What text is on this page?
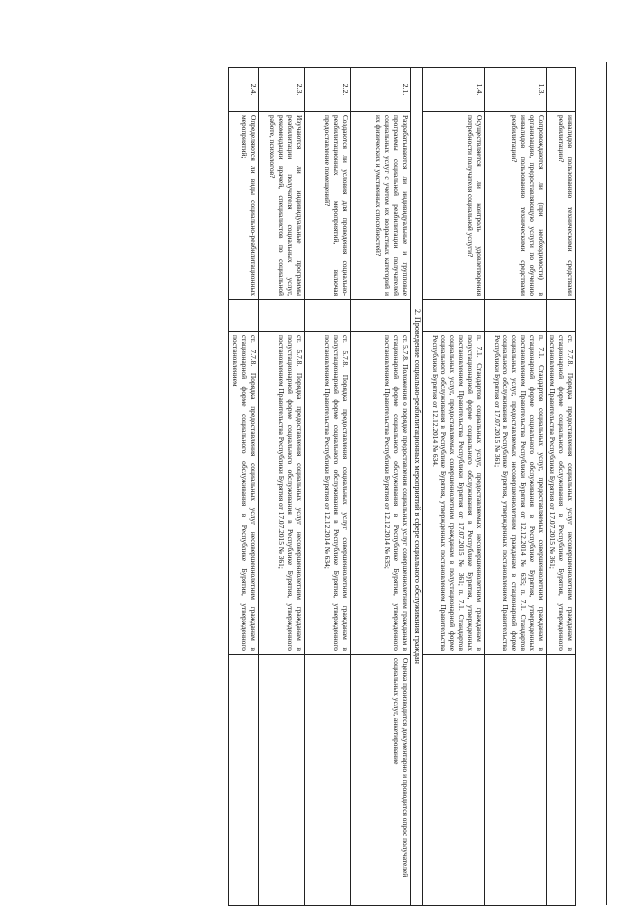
	инвалидов пользованию техническими средствами реабилитации?		ст. 7.7.8. Порядка предоставления социальных услуг несовершеннолетним гражданам в стационарной форме социального обслуживания в Республике Бурятия, утвержденного постановлением Правительства Республики Бурятия от 17.07.2015 № 361;	
1.3.	Сопровождаются ли (при необходимости) в организацию, предоставляющую услуги по обучению инвалидов пользованию техническими средствами реабилитации?		п. 7.1. Стандартов социальных услуг, предоставляемых совершеннолетним гражданам в стационарной форме социального обслуживания в Республике Бурятия, утвержденных постановлением Правительства Республики Бурятия от 12.12.2014 № 635; п. 7.1. Стандартов социальных услуг, предоставляемых несовершеннолетним гражданам в стационарной форме социального обслуживания в Республике Бурятия, утвержденных постановлением Правительства Республики Бурятия от 17.07.2015 № 361;	
1.4.	Осуществляется ли контроль удовлетворения потребности получателя социальной услуги?		п. 7.1. Стандартов социальных услуг, предоставляемых несовершеннолетним гражданам в полустационарной форме социального обслуживания в Республике Бурятия, утвержденных постановлением Правительства Республики Бурятия от 17.07.2015 № 361; п. 7.1. Стандартов социальных услуг, предоставляемых совершеннолетним гражданам в полустационарной форме социального обслуживания в Республике Бурятия, утвержденных постановлением Правительства Республики Бурятия от 12.12.2014 № 634.	
2. Проведение социально-реабилитационных мероприятий в сфере социального обслуживания граждан				
2.1.	Разрабатываются ли индивидуальные и групповые программы социальной реабилитации получателей социальных услуг с учетом их возрастных категорий и их физических и умственных способностей?		ст. 5.7.8. Положения о порядке предоставления социальных услуг совершеннолетним гражданам в стационарной форме социального обслуживания в Республике Бурятия, утвержденного постановлением Правительства Республики Бурятия от 12.12.2014 № 635;	Оценка производится документарно и проводится опрос получателей социальных услуг, анкетирование
2.2.	Создаются ли условия для проведения социально-реабилитационных мероприятий, включая предоставление помещений?		ст. 5.7.8. Порядка предоставления социальных услуг совершеннолетним гражданам в полустационарной форме социального обслуживания в Республике Бурятия, утвержденного постановлением Правительства Республики Бурятия от 12.12.2014 № 634;	
2.3.	Изучаются ли индивидуальные программы реабилитации получателя социальных услуг, рекомендации врачей, специалистов по социальной работе, психологов?		ст. 5.7.8. Порядка предоставления социальных услуг несовершеннолетним гражданам в полустационарной форме социального обслуживания в Республике Бурятия, утвержденного постановлением Правительства Республики Бурятия от 17.07.2015 № 361;	
2.4.	Определяются ли виды социально-реабилитационных мероприятий;		ст. 7.7.8. Порядка предоставления социальных услуг несовершеннолетним гражданам в стационарной форме социального обслуживания в Республике Бурятия, утвержденного постановлением	
